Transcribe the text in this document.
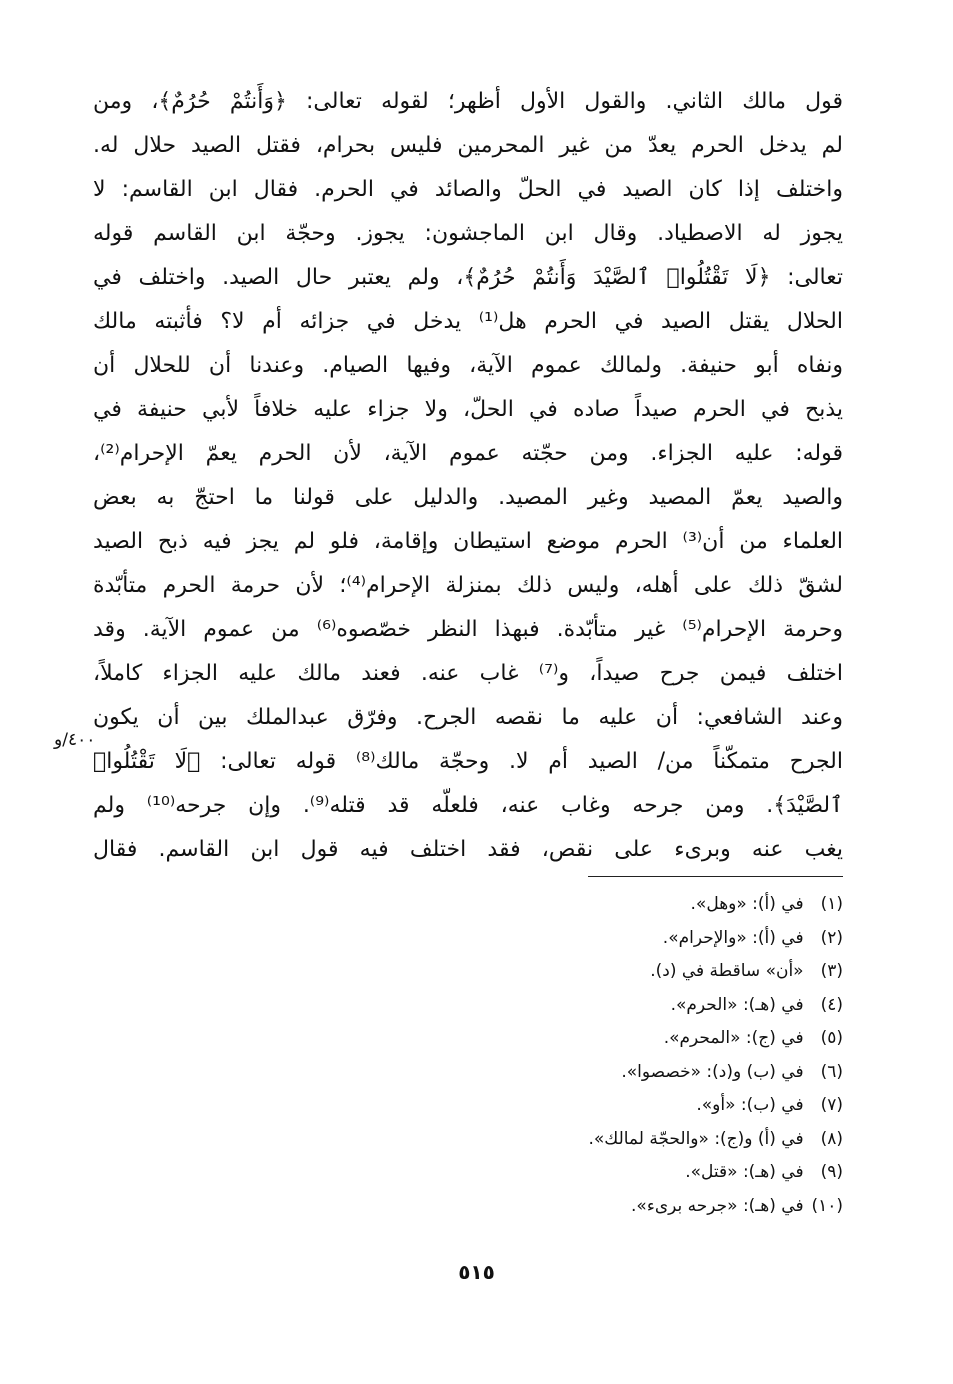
قول مالك الثاني. والقول الأول أظهر؛ لقوله تعالى: ﴿وَأَنتُمْ حُرُمٌ﴾، ومن
لم يدخل الحرم يعدّ من غير المحرمين فليس بحرام، فقتل الصيد حلال له.
واختلف إذا كان الصيد في الحلّ والصائد في الحرم. فقال ابن القاسم: لا
يجوز له الاصطياد. وقال ابن الماجشون: يجوز. وحجّة ابن القاسم قوله
تعالى: ﴿لَا تَقْتُلُوا۟ ٱلصَّيْدَ وَأَنتُمْ حُرُمٌ﴾، ولم يعتبر حال الصيد. واختلف في
الحلال يقتل الصيد في الحرم هل⁽¹⁾ يدخل في جزائه أم لا؟ فأثبته مالك
ونفاه أبو حنيفة. ولمالك عموم الآية، وفيها الصيام. وعندنا أن للحلال أن
يذبح في الحرم صيداً صاده في الحلّ، ولا جزاء عليه خلافاً لأبي حنيفة في
قوله: عليه الجزاء. ومن حجّته عموم الآية، لأن الحرم يعمّ الإحرام⁽²⁾،
والصيد يعمّ المصيد وغير المصيد. والدليل على قولنا ما احتجّ به بعض
العلماء من أن⁽³⁾ الحرم موضع استيطان وإقامة، فلو لم يجز فيه ذبح الصيد
لشقّ ذلك على أهله، وليس ذلك بمنزلة الإحرام⁽⁴⁾؛ لأن حرمة الحرم متأبّدة
وحرمة الإحرام⁽⁵⁾ غير متأبّدة. فبهذا النظر خصّصوه⁽⁶⁾ من عموم الآية. وقد
اختلف فيمن جرح صيداً، و⁽⁷⁾ غاب عنه. فعند مالك عليه الجزاء كاملاً،
وعند الشافعي: أن عليه ما نقصه الجرح. وفرّق عبدالملك بين أن يكون
الجرح متمكّناً من/ الصيد أم لا. وحجّة مالك⁽⁸⁾ قوله تعالى: ﴿لَا تَقْتُلُوا۟
ٱلصَّيْدَ﴾. ومن جرحه وغاب عنه، فلعلّه قد قتله⁽⁹⁾. وإن جرحه⁽¹⁰⁾ ولم
يغب عنه وبرىء على نقص، فقد اختلف فيه قول ابن القاسم. فقال
٤٠٠/و
(١) في (أ): «وهل».
(٢) في (أ): «والإحرام».
(٣) «أن» ساقطة في (د).
(٤) في (هـ): «الحرم».
(٥) في (ج): «المحرم».
(٦) في (ب) و(د): «خصصوا».
(٧) في (ب): «أو».
(٨) في (أ) و(ج): «والحجّة لمالك».
(٩) في (هـ): «قتل».
(١٠) في (هـ): «جرحه برىء».
٥١٥
